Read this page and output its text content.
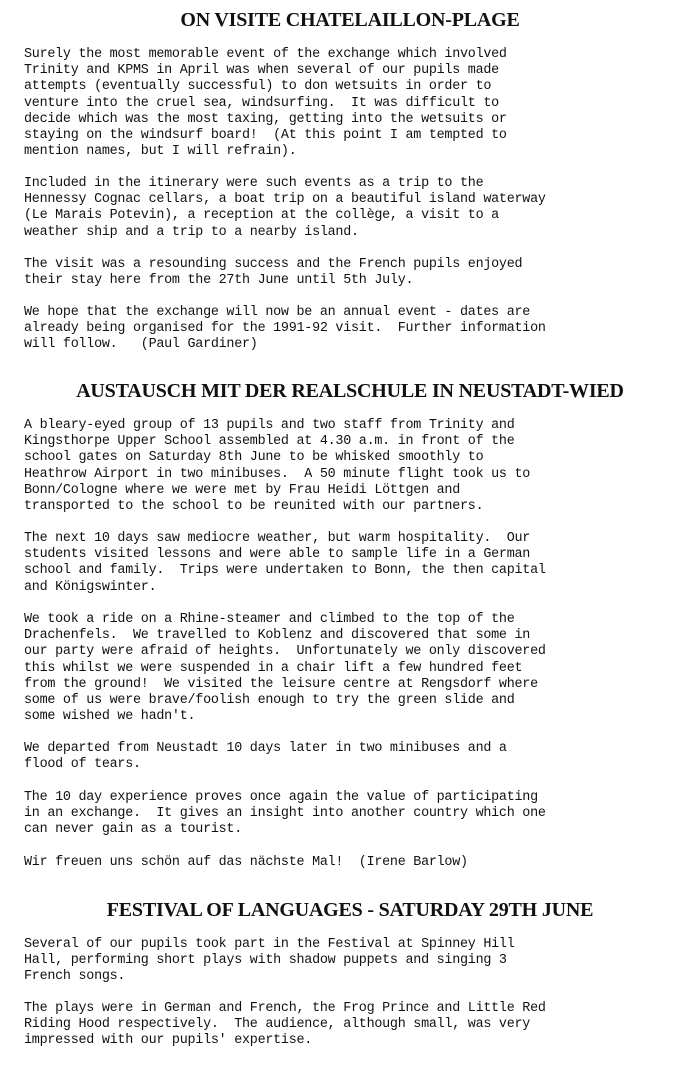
ON VISITE CHATELAILLON-PLAGE

Surely the most memorable event of the exchange which involved
Trinity and KPMS in April was when several of our pupils made
attempts (eventually successful) to don wetsuits in order to
venture into the cruel sea, windsurfing.  It was difficult to
decide which was the most taxing, getting into the wetsuits or
staying on the windsurf board!  (At this point I am tempted to
mention names, but I will refrain).

Included in the itinerary were such events as a trip to the
Hennessy Cognac cellars, a boat trip on a beautiful island waterway
(Le Marais Potevin), a reception at the collège, a visit to a
weather ship and a trip to a nearby island.

The visit was a resounding success and the French pupils enjoyed
their stay here from the 27th June until 5th July.

We hope that the exchange will now be an annual event - dates are
already being organised for the 1991-92 visit.  Further information
will follow.   (Paul Gardiner)

AUSTAUSCH MIT DER REALSCHULE IN NEUSTADT-WIED

A bleary-eyed group of 13 pupils and two staff from Trinity and
Kingsthorpe Upper School assembled at 4.30 a.m. in front of the
school gates on Saturday 8th June to be whisked smoothly to
Heathrow Airport in two minibuses.  A 50 minute flight took us to
Bonn/Cologne where we were met by Frau Heidi Löttgen and
transported to the school to be reunited with our partners.

The next 10 days saw mediocre weather, but warm hospitality.  Our
students visited lessons and were able to sample life in a German
school and family.  Trips were undertaken to Bonn, the then capital
and Königswinter.

We took a ride on a Rhine-steamer and climbed to the top of the
Drachenfels.  We travelled to Koblenz and discovered that some in
our party were afraid of heights.  Unfortunately we only discovered
this whilst we were suspended in a chair lift a few hundred feet
from the ground!  We visited the leisure centre at Rengsdorf where
some of us were brave/foolish enough to try the green slide and
some wished we hadn't.

We departed from Neustadt 10 days later in two minibuses and a
flood of tears.

The 10 day experience proves once again the value of participating
in an exchange.  It gives an insight into another country which one
can never gain as a tourist.

Wir freuen uns schön auf das nächste Mal!  (Irene Barlow)

FESTIVAL OF LANGUAGES - SATURDAY 29TH JUNE

Several of our pupils took part in the Festival at Spinney Hill
Hall, performing short plays with shadow puppets and singing 3
French songs.

The plays were in German and French, the Frog Prince and Little Red
Riding Hood respectively.  The audience, although small, was very
impressed with our pupils' expertise.
